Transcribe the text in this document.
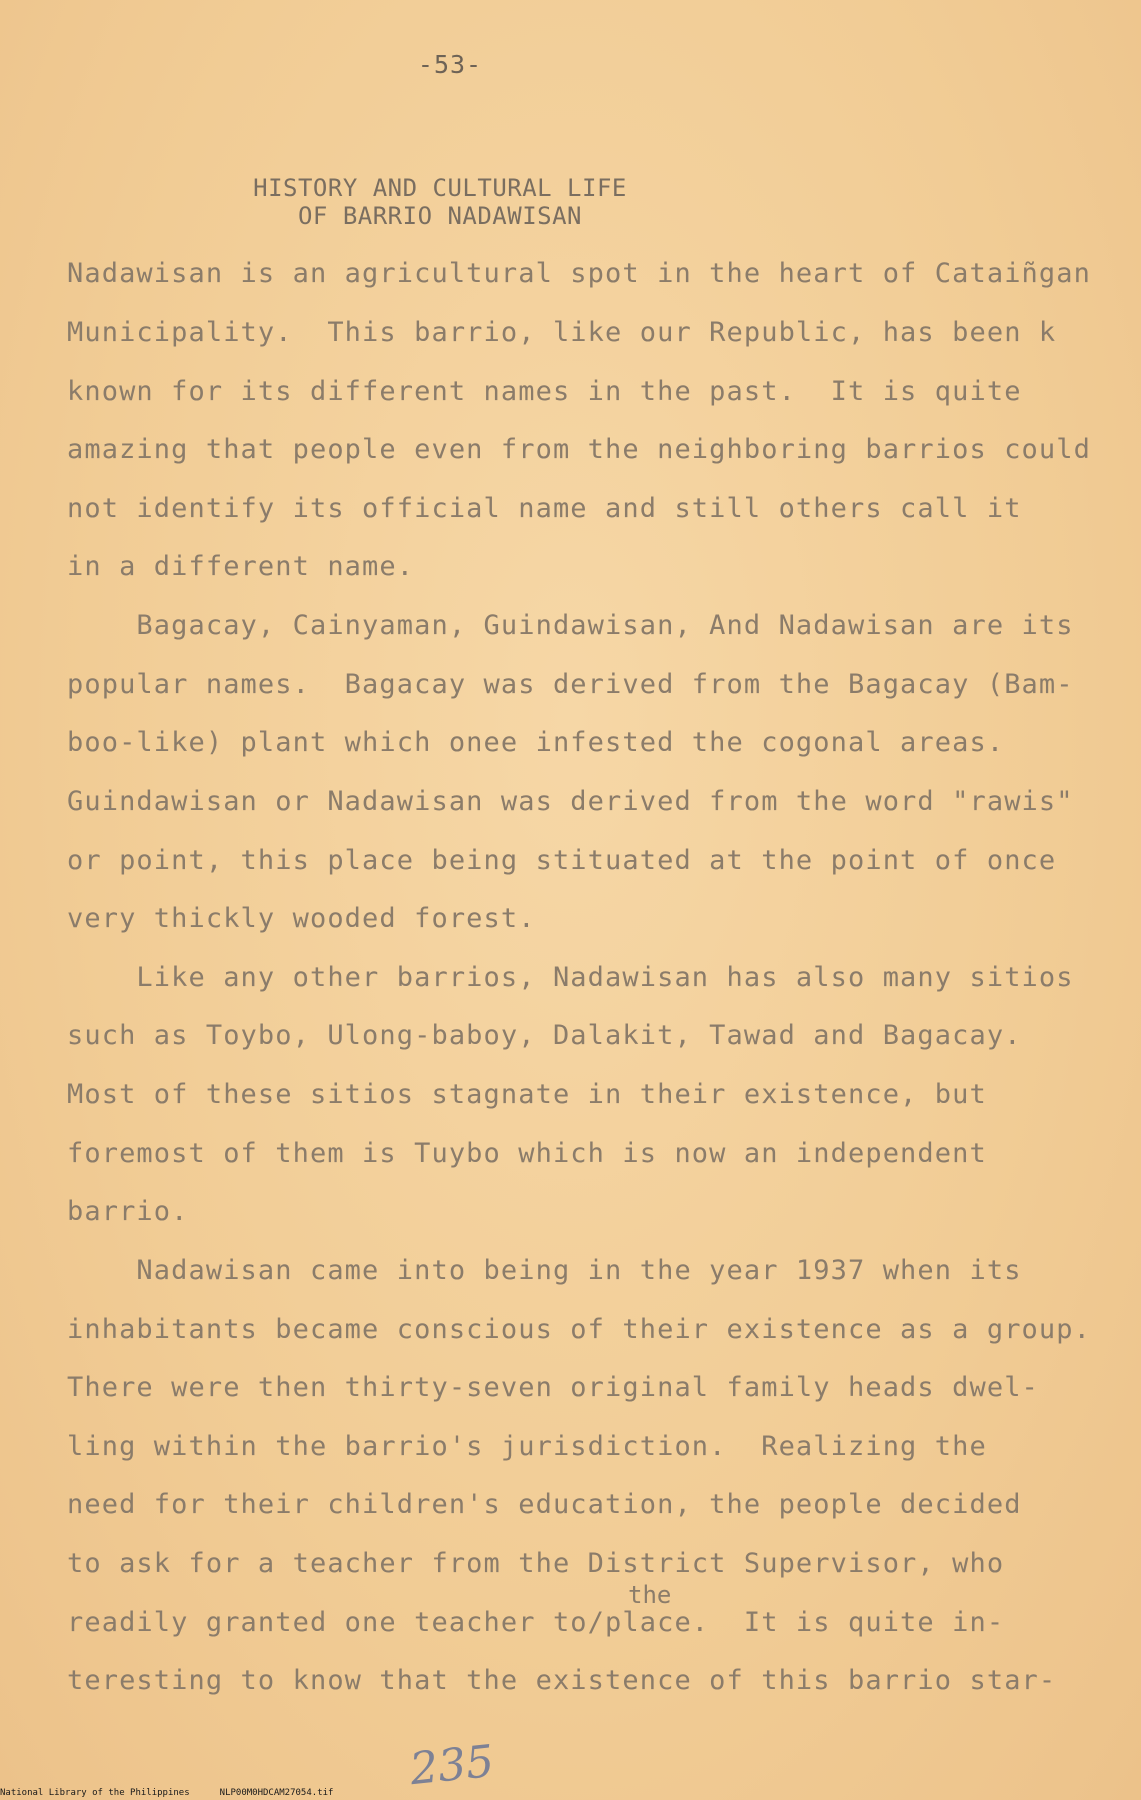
-53-
HISTORY AND CULTURAL LIFE
OF BARRIO NADAWISAN
Nadawisan is an agricultural spot in the heart of Cataiñgan
Municipality.  This barrio, like our Republic, has been k
known for its different names in the past.  It is quite
amazing that people even from the neighboring barrios could
not identify its official name and still others call it
in a different name.
Bagacay, Cainyaman, Guindawisan, And Nadawisan are its
popular names.  Bagacay was derived from the Bagacay (Bam-
boo-like) plant which onee infested the cogonal areas.
Guindawisan or Nadawisan was derived from the word "rawis"
or point, this place being stituated at the point of once
very thickly wooded forest.
Like any other barrios, Nadawisan has also many sitios
such as Toybo, Ulong-baboy, Dalakit, Tawad and Bagacay.
Most of these sitios stagnate in their existence, but
foremost of them is Tuybo which is now an independent
barrio.
Nadawisan came into being in the year 1937 when its
inhabitants became conscious of their existence as a group.
There were then thirty-seven original family heads dwel-
ling within the barrio's jurisdiction.  Realizing the
need for their children's education, the people decided
to ask for a teacher from the District Supervisor, who
readily granted one teacher to/place.  It is quite in-
teresting to know that the existence of this barrio star-
the
235
National Library of the Philippines	NLP00M0HDCAM27054.tif
